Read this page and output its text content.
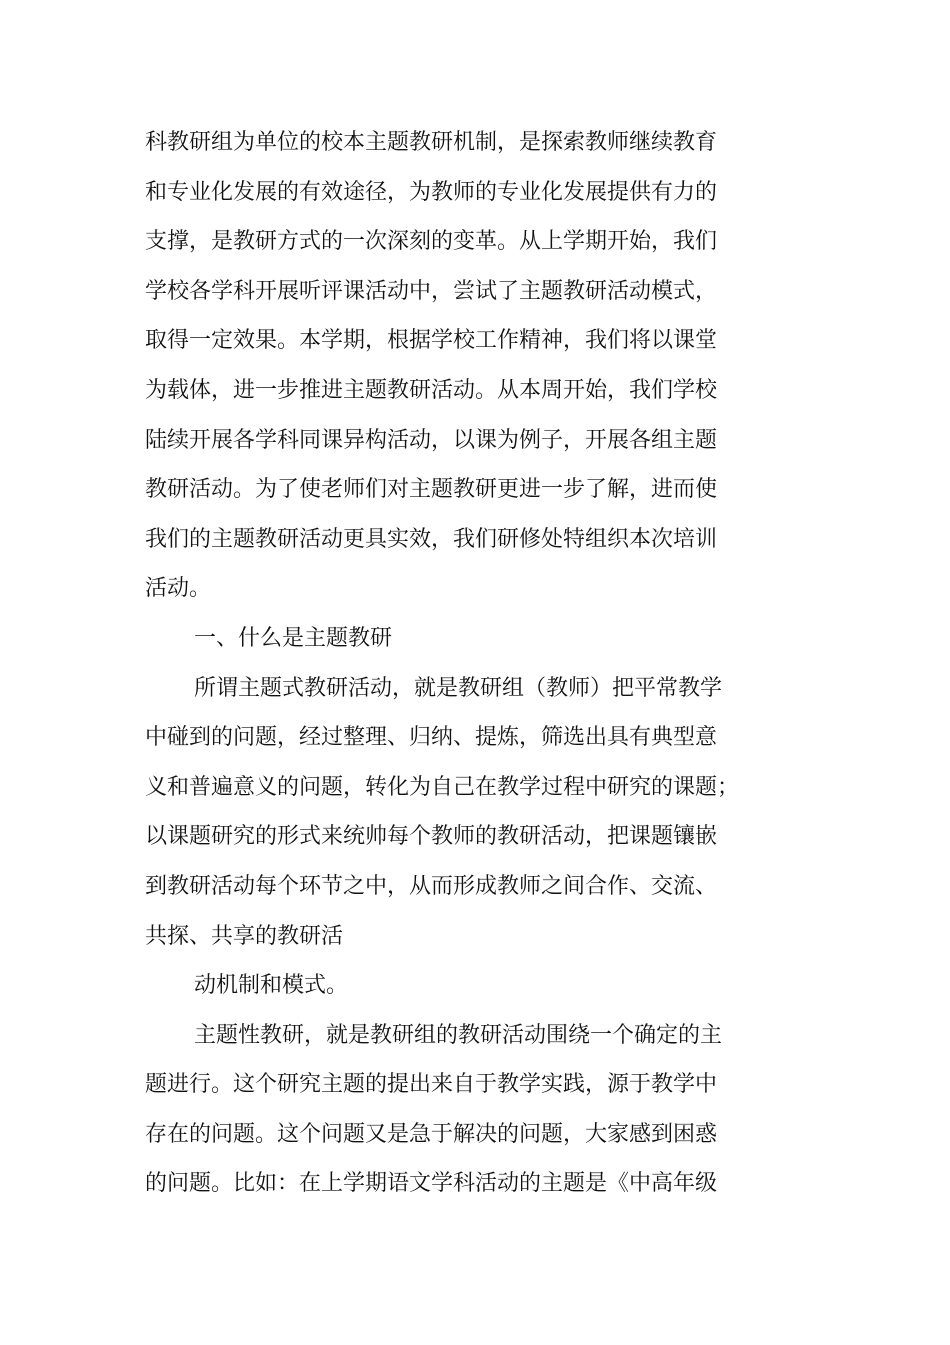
科教研组为单位的校本主题教研机制，是探索教师继续教育
和专业化发展的有效途径，为教师的专业化发展提供有力的
支撑，是教研方式的一次深刻的变革。从上学期开始，我们
学校各学科开展听评课活动中，尝试了主题教研活动模式，
取得一定效果。本学期，根据学校工作精神，我们将以课堂
为载体，进一步推进主题教研活动。从本周开始，我们学校
陆续开展各学科同课异构活动，以课为例子，开展各组主题
教研活动。为了使老师们对主题教研更进一步了解，进而使
我们的主题教研活动更具实效，我们研修处特组织本次培训
活动。
一、什么是主题教研
所谓主题式教研活动，就是教研组（教师）把平常教学
中碰到的问题，经过整理、归纳、提炼，筛选出具有典型意
义和普遍意义的问题，转化为自己在教学过程中研究的课题；
以课题研究的形式来统帅每个教师的教研活动，把课题镶嵌
到教研活动每个环节之中，从而形成教师之间合作、交流、
共探、共享的教研活
动机制和模式。
主题性教研，就是教研组的教研活动围绕一个确定的主
题进行。这个研究主题的提出来自于教学实践，源于教学中
存在的问题。这个问题又是急于解决的问题，大家感到困惑
的问题。比如：在上学期语文学科活动的主题是《中高年级
